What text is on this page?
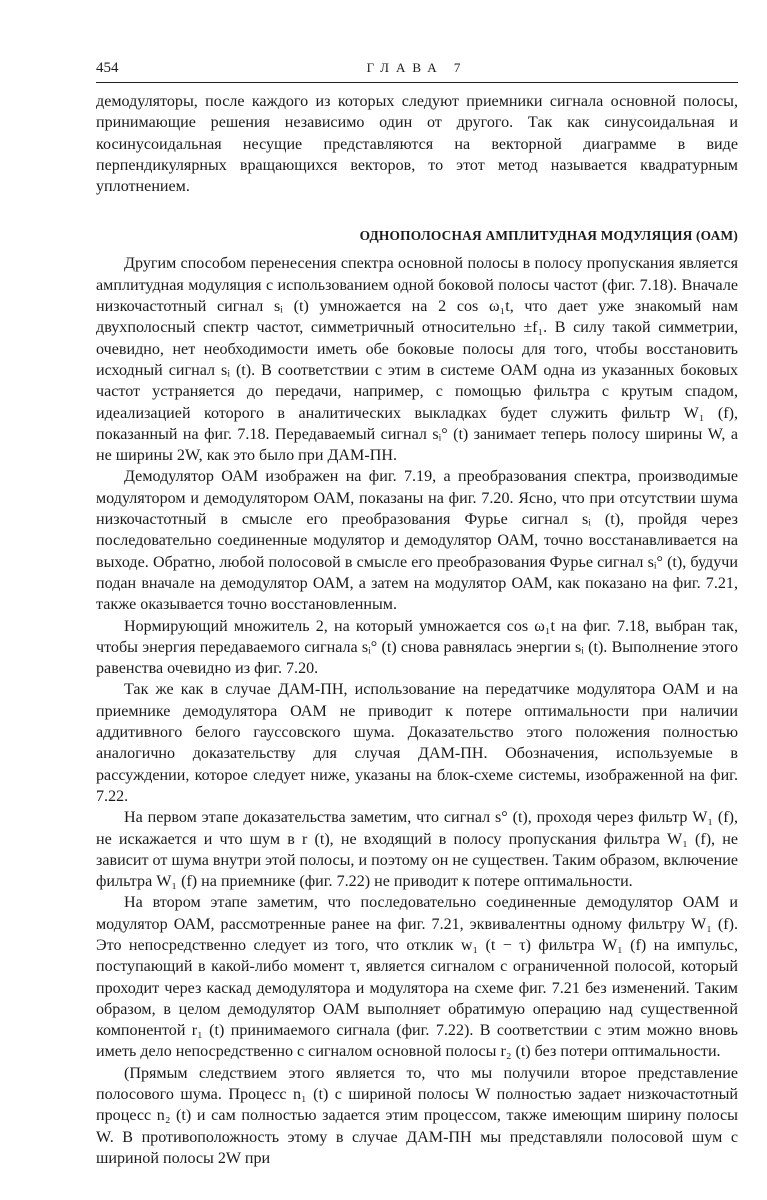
454	ГЛАВА 7

демодуляторы, после каждого из которых следуют приемники сигнала основной полосы, принимающие решения независимо один от другого. Так как синусоидальная и косинусоидальная несущие представляются на векторной диаграмме в виде перпендикулярных вращающихся векторов, то этот метод называется квадратурным уплотнением.

ОДНОПОЛОСНАЯ АМПЛИТУДНАЯ МОДУЛЯЦИЯ (ОАМ)

Другим способом перенесения спектра основной полосы в полосу пропускания является амплитудная модуляция с использованием одной боковой полосы частот (фиг. 7.18). Вначале низкочастотный сигнал sᵢ (t) умножается на 2 cos ω₁t, что дает уже знакомый нам двухполосный спектр частот, симметричный относительно ±f₁. В силу такой симметрии, очевидно, нет необходимости иметь обе боковые полосы для того, чтобы восстановить исходный сигнал sᵢ (t). В соответствии с этим в системе ОАМ одна из указанных боковых частот устраняется до передачи, например, с помощью фильтра с крутым спадом, идеализацией которого в аналитических выкладках будет служить фильтр W₁ (f), показанный на фиг. 7.18. Передаваемый сигнал sᵢ° (t) занимает теперь полосу ширины W, а не ширины 2W, как это было при ДАМ-ПН.

Демодулятор ОАМ изображен на фиг. 7.19, а преобразования спектра, производимые модулятором и демодулятором ОАМ, показаны на фиг. 7.20. Ясно, что при отсутствии шума низкочастотный в смысле его преобразования Фурье сигнал sᵢ (t), пройдя через последовательно соединенные модулятор и демодулятор ОАМ, точно восстанавливается на выходе. Обратно, любой полосовой в смысле его преобразования Фурье сигнал sᵢ° (t), будучи подан вначале на демодулятор ОАМ, а затем на модулятор ОАМ, как показано на фиг. 7.21, также оказывается точно восстановленным.

Нормирующий множитель 2, на который умножается cos ω₁t на фиг. 7.18, выбран так, чтобы энергия передаваемого сигнала sᵢ° (t) снова равнялась энергии sᵢ (t). Выполнение этого равенства очевидно из фиг. 7.20.

Так же как в случае ДАМ-ПН, использование на передатчике модулятора ОАМ и на приемнике демодулятора ОАМ не приводит к потере оптимальности при наличии аддитивного белого гауссовского шума. Доказательство этого положения полностью аналогично доказательству для случая ДАМ-ПН. Обозначения, используемые в рассуждении, которое следует ниже, указаны на блок-схеме системы, изображенной на фиг. 7.22.

На первом этапе доказательства заметим, что сигнал s° (t), проходя через фильтр W₁ (f), не искажается и что шум в r (t), не входящий в полосу пропускания фильтра W₁ (f), не зависит от шума внутри этой полосы, и поэтому он не существен. Таким образом, включение фильтра W₁ (f) на приемнике (фиг. 7.22) не приводит к потере оптимальности.

На втором этапе заметим, что последовательно соединенные демодулятор ОАМ и модулятор ОАМ, рассмотренные ранее на фиг. 7.21, эквивалентны одному фильтру W₁ (f). Это непосредственно следует из того, что отклик w₁ (t − τ) фильтра W₁ (f) на импульс, поступающий в какой-либо момент τ, является сигналом с ограниченной полосой, который проходит через каскад демодулятора и модулятора на схеме фиг. 7.21 без изменений. Таким образом, в целом демодулятор ОАМ выполняет обратимую операцию над существенной компонентой r₁ (t) принимаемого сигнала (фиг. 7.22). В соответствии с этим можно вновь иметь дело непосредственно с сигналом основной полосы r₂ (t) без потери оптимальности.

(Прямым следствием этого является то, что мы получили второе представление полосового шума. Процесс n₁ (t) с шириной полосы W полностью задает низкочастотный процесс n₂ (t) и сам полностью задается этим процессом, также имеющим ширину полосы W. В противоположность этому в случае ДАМ-ПН мы представляли полосовой шум с шириной полосы 2W при
